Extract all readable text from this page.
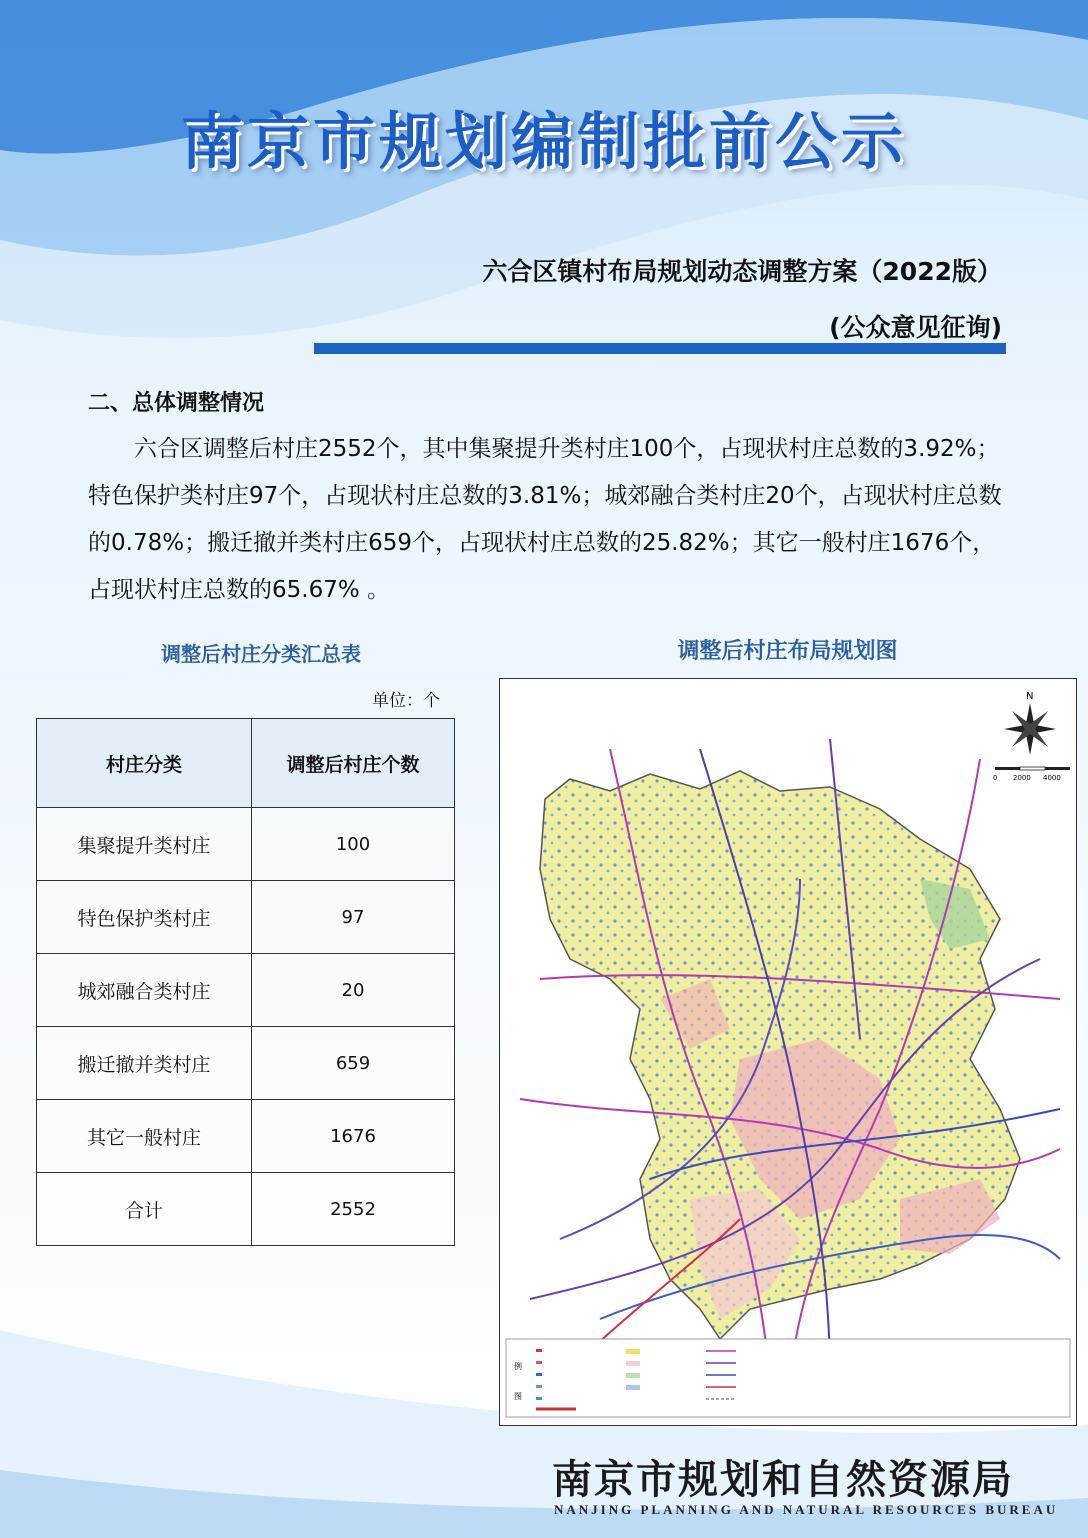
南京市规划编制批前公示
六合区镇村布局规划动态调整方案（2022版）
(公众意见征询)
二、总体调整情况
六合区调整后村庄2552个，其中集聚提升类村庄100个，占现状村庄总数的3.92%；特色保护类村庄97个，占现状村庄总数的3.81%；城郊融合类村庄20个，占现状村庄总数的0.78%；搬迁撤并类村庄659个，占现状村庄总数的25.82%；其它一般村庄1676个，占现状村庄总数的65.67% 。
调整后村庄分类汇总表
单位：个
村庄分类	调整后村庄个数
集聚提升类村庄	100
特色保护类村庄	97
城郊融合类村庄	20
搬迁撤并类村庄	659
其它一般村庄	1676
合计	2552
调整后村庄布局规划图
N
0 2000 4000
例
图
南京市规划和自然资源局
NANJING PLANNING AND NATURAL RESOURCES BUREAU
